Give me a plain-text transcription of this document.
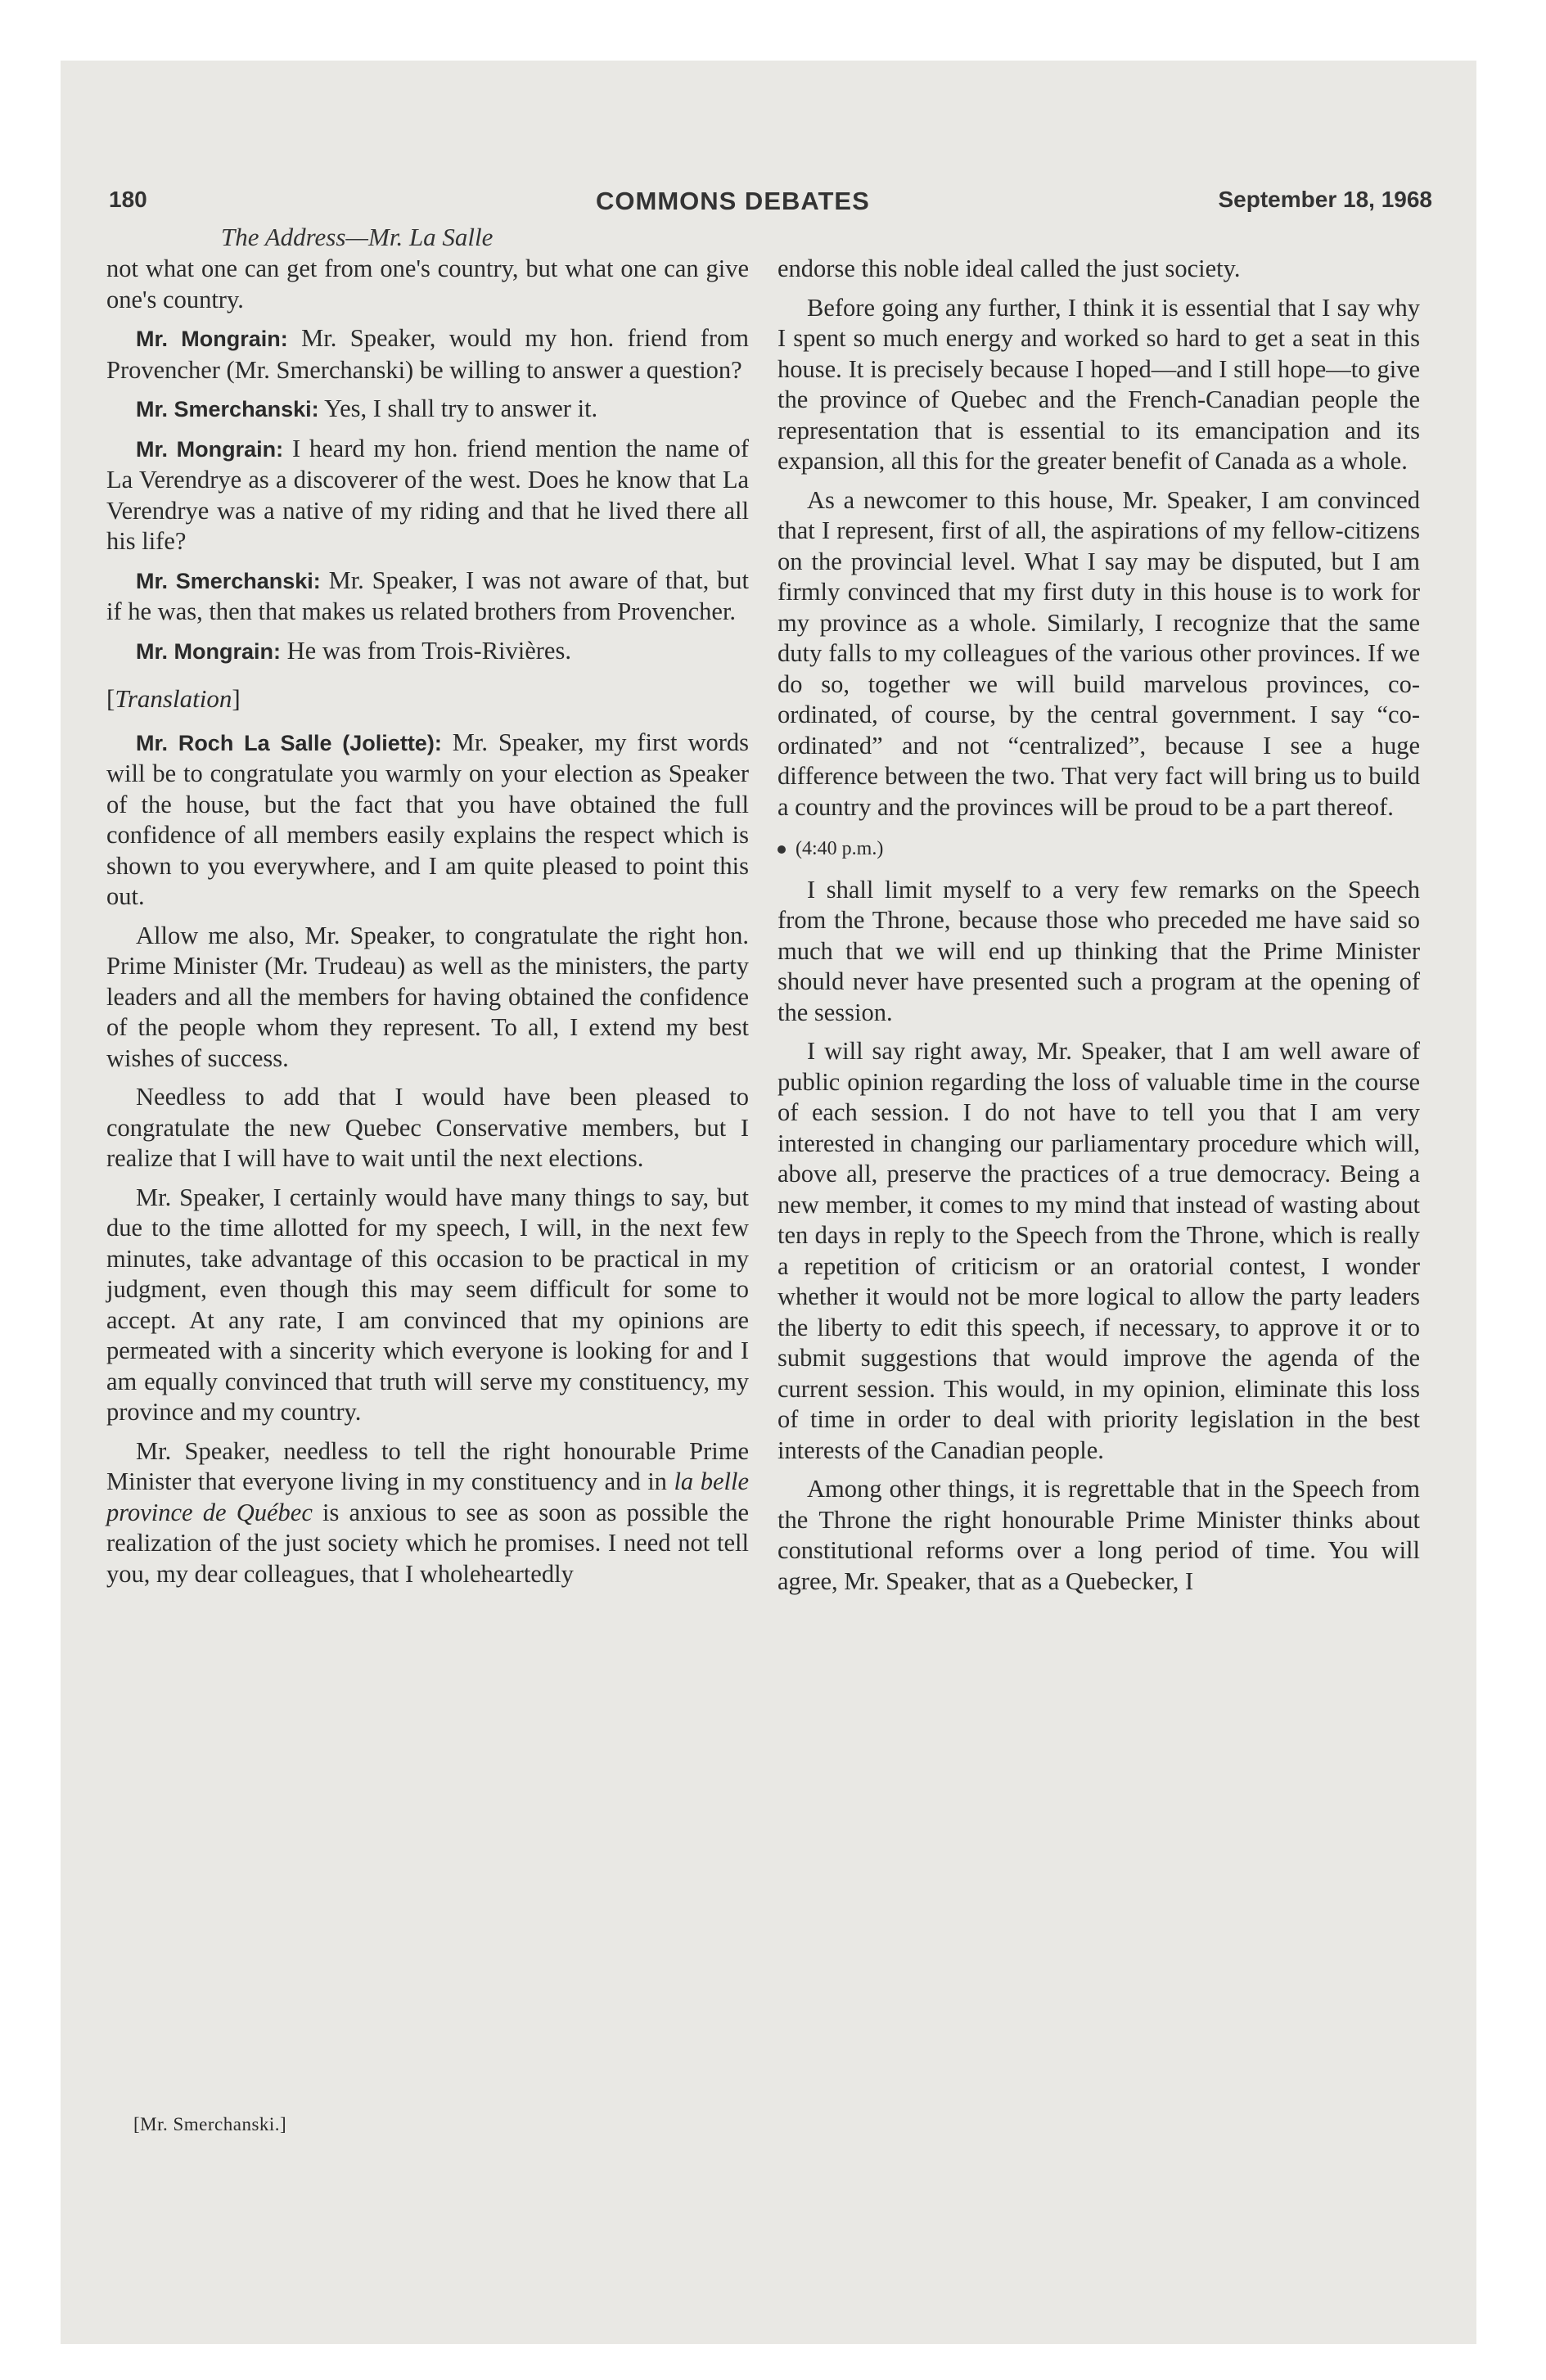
180	COMMONS DEBATES	September 18, 1968
The Address—Mr. La Salle

not what one can get from one's country, but what one can give one's country.

Mr. Mongrain: Mr. Speaker, would my hon. friend from Provencher (Mr. Smerchanski) be willing to answer a question?

Mr. Smerchanski: Yes, I shall try to answer it.

Mr. Mongrain: I heard my hon. friend mention the name of La Verendrye as a discoverer of the west. Does he know that La Verendrye was a native of my riding and that he lived there all his life?

Mr. Smerchanski: Mr. Speaker, I was not aware of that, but if he was, then that makes us related brothers from Provencher.

Mr. Mongrain: He was from Trois-Rivières.

[Translation]

Mr. Roch La Salle (Joliette): Mr. Speaker, my first words will be to congratulate you warmly on your election as Speaker of the house, but the fact that you have obtained the full confidence of all members easily explains the respect which is shown to you everywhere, and I am quite pleased to point this out.

Allow me also, Mr. Speaker, to congratulate the right hon. Prime Minister (Mr. Trudeau) as well as the ministers, the party leaders and all the members for having obtained the confidence of the people whom they represent. To all, I extend my best wishes of success.

Needless to add that I would have been pleased to congratulate the new Quebec Conservative members, but I realize that I will have to wait until the next elections.

Mr. Speaker, I certainly would have many things to say, but due to the time allotted for my speech, I will, in the next few minutes, take advantage of this occasion to be practical in my judgment, even though this may seem difficult for some to accept. At any rate, I am convinced that my opinions are permeated with a sincerity which everyone is looking for and I am equally convinced that truth will serve my constituency, my province and my country.

Mr. Speaker, needless to tell the right honourable Prime Minister that everyone living in my constituency and in la belle province de Québec is anxious to see as soon as possible the realization of the just society which he promises. I need not tell you, my dear colleagues, that I wholeheartedly

[Mr. Smerchanski.]

endorse this noble ideal called the just society.

Before going any further, I think it is essential that I say why I spent so much energy and worked so hard to get a seat in this house. It is precisely because I hoped—and I still hope—to give the province of Quebec and the French-Canadian people the representation that is essential to its emancipation and its expansion, all this for the greater benefit of Canada as a whole.

As a newcomer to this house, Mr. Speaker, I am convinced that I represent, first of all, the aspirations of my fellow-citizens on the provincial level. What I say may be disputed, but I am firmly convinced that my first duty in this house is to work for my province as a whole. Similarly, I recognize that the same duty falls to my colleagues of the various other provinces. If we do so, together we will build marvelous provinces, co-ordinated, of course, by the central government. I say “co-ordinated” and not “centralized”, because I see a huge difference between the two. That very fact will bring us to build a country and the provinces will be proud to be a part thereof.

(4:40 p.m.)

I shall limit myself to a very few remarks on the Speech from the Throne, because those who preceded me have said so much that we will end up thinking that the Prime Minister should never have presented such a program at the opening of the session.

I will say right away, Mr. Speaker, that I am well aware of public opinion regarding the loss of valuable time in the course of each session. I do not have to tell you that I am very interested in changing our parliamentary procedure which will, above all, preserve the practices of a true democracy. Being a new member, it comes to my mind that instead of wasting about ten days in reply to the Speech from the Throne, which is really a repetition of criticism or an oratorial contest, I wonder whether it would not be more logical to allow the party leaders the liberty to edit this speech, if necessary, to approve it or to submit suggestions that would improve the agenda of the current session. This would, in my opinion, eliminate this loss of time in order to deal with priority legislation in the best interests of the Canadian people.

Among other things, it is regrettable that in the Speech from the Throne the right honourable Prime Minister thinks about constitutional reforms over a long period of time. You will agree, Mr. Speaker, that as a Quebecker, I
